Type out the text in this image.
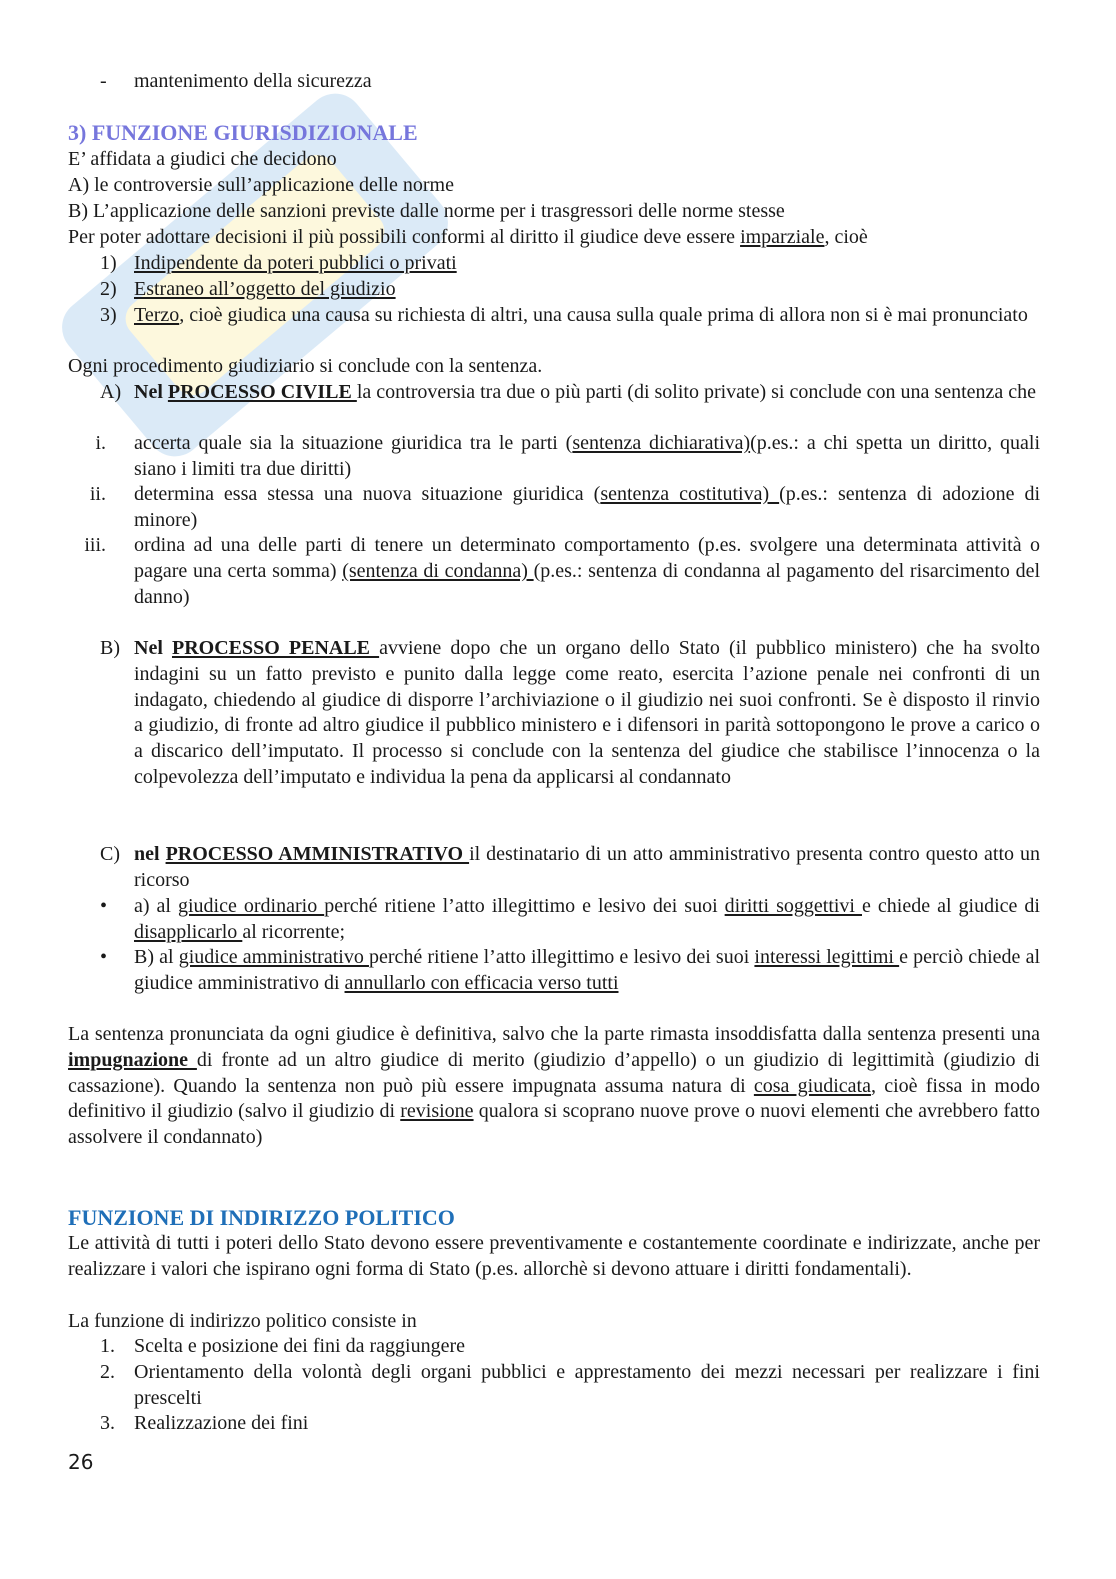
-	mantenimento della sicurezza
3) FUNZIONE GIURISDIZIONALE
E’ affidata a giudici che decidono
A) le controversie sull’applicazione delle norme
B) L’applicazione delle sanzioni previste dalle norme per i trasgressori delle norme stesse
Per poter adottare decisioni il più possibili conformi al diritto il giudice deve essere imparziale, cioè
1) Indipendente da poteri pubblici o privati
2) Estraneo all’oggetto del giudizio
3) Terzo, cioè giudica una causa su richiesta di altri, una causa sulla quale prima di allora non si è mai pronunciato
Ogni procedimento giudiziario si conclude con la sentenza.
A) Nel PROCESSO CIVILE la controversia tra due o più parti (di solito private) si conclude con una sentenza che
i. accerta quale sia la situazione giuridica tra le parti (sentenza dichiarativa)(p.es.: a chi spetta un diritto, quali siano i limiti tra due diritti)
ii. determina essa stessa una nuova situazione giuridica (sentenza costitutiva) (p.es.: sentenza di adozione di minore)
iii. ordina ad una delle parti di tenere un determinato comportamento (p.es. svolgere una determinata attività o pagare una certa somma) (sentenza di condanna) (p.es.: sentenza di condanna al pagamento del risarcimento del danno)
B) Nel PROCESSO PENALE avviene dopo che un organo dello Stato (il pubblico ministero) che ha svolto indagini su un fatto previsto e punito dalla legge come reato, esercita l’azione penale nei confronti di un indagato, chiedendo al giudice di disporre l’archiviazione o il giudizio nei suoi confronti. Se è disposto il rinvio a giudizio, di fronte ad altro giudice il pubblico ministero e i difensori in parità sottopongono le prove a carico o a discarico dell’imputato. Il processo si conclude con la sentenza del giudice che stabilisce l’innocenza o la colpevolezza dell’imputato e individua la pena da applicarsi al condannato
C) nel PROCESSO AMMINISTRATIVO il destinatario di un atto amministrativo presenta contro questo atto un ricorso
•	a) al giudice ordinario perché ritiene l’atto illegittimo e lesivo dei suoi diritti soggettivi e chiede al giudice di disapplicarlo al ricorrente;
•	B) al giudice amministrativo perché ritiene l’atto illegittimo e lesivo dei suoi interessi legittimi e perciò chiede al giudice amministrativo di annullarlo con efficacia verso tutti
La sentenza pronunciata da ogni giudice è definitiva, salvo che la parte rimasta insoddisfatta dalla sentenza presenti una impugnazione di fronte ad un altro giudice di merito (giudizio d’appello) o un giudizio di legittimità (giudizio di cassazione). Quando la sentenza non può più essere impugnata assuma natura di cosa giudicata, cioè fissa in modo definitivo il giudizio (salvo il giudizio di revisione qualora si scoprano nuove prove o nuovi elementi che avrebbero fatto assolvere il condannato)
FUNZIONE DI INDIRIZZO POLITICO
Le attività di tutti i poteri dello Stato devono essere preventivamente e costantemente coordinate e indirizzate, anche per realizzare i valori che ispirano ogni forma di Stato (p.es. allorchè si devono attuare i diritti fondamentali).
La funzione di indirizzo politico consiste in
1. Scelta e posizione dei fini da raggiungere
2. Orientamento della volontà degli organi pubblici e apprestamento dei mezzi necessari per realizzare i fini prescelti
3. Realizzazione dei fini
26
